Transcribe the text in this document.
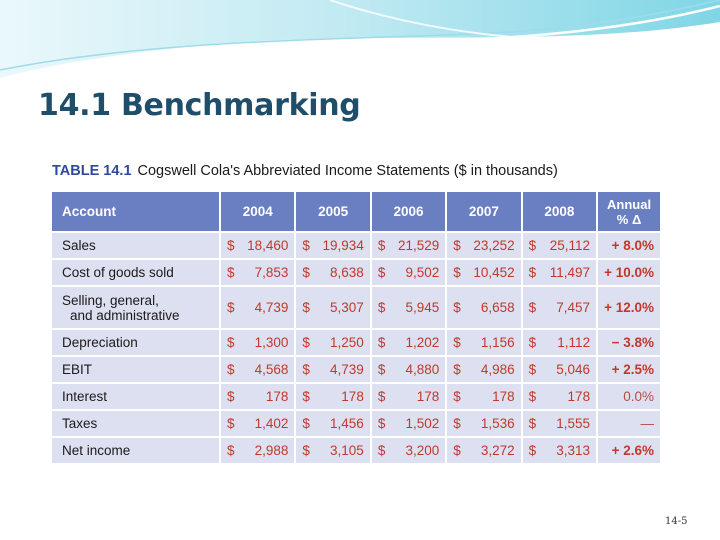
14.1 Benchmarking
TABLE 14.1 Cogswell Cola's Abbreviated Income Statements ($ in thousands)
Account	2004	2005	2006	2007	2008	Annual
% Δ
Sales	$ 18,460	$ 19,934	$ 21,529	$ 23,252	$ 25,112	+ 8.0%
Cost of goods sold	$ 7,853	$ 8,638	$ 9,502	$ 10,452	$ 11,497	+ 10.0%
Selling, general,
and administrative	$ 4,739	$ 5,307	$ 5,945	$ 6,658	$ 7,457	+ 12.0%
Depreciation	$ 1,300	$ 1,250	$ 1,202	$ 1,156	$ 1,112	− 3.8%
EBIT	$ 4,568	$ 4,739	$ 4,880	$ 4,986	$ 5,046	+ 2.5%
Interest	$ 178	$ 178	$ 178	$ 178	$ 178	0.0%
Taxes	$ 1,402	$ 1,456	$ 1,502	$ 1,536	$ 1,555	—
Net income	$ 2,988	$ 3,105	$ 3,200	$ 3,272	$ 3,313	+ 2.6%
14-5
